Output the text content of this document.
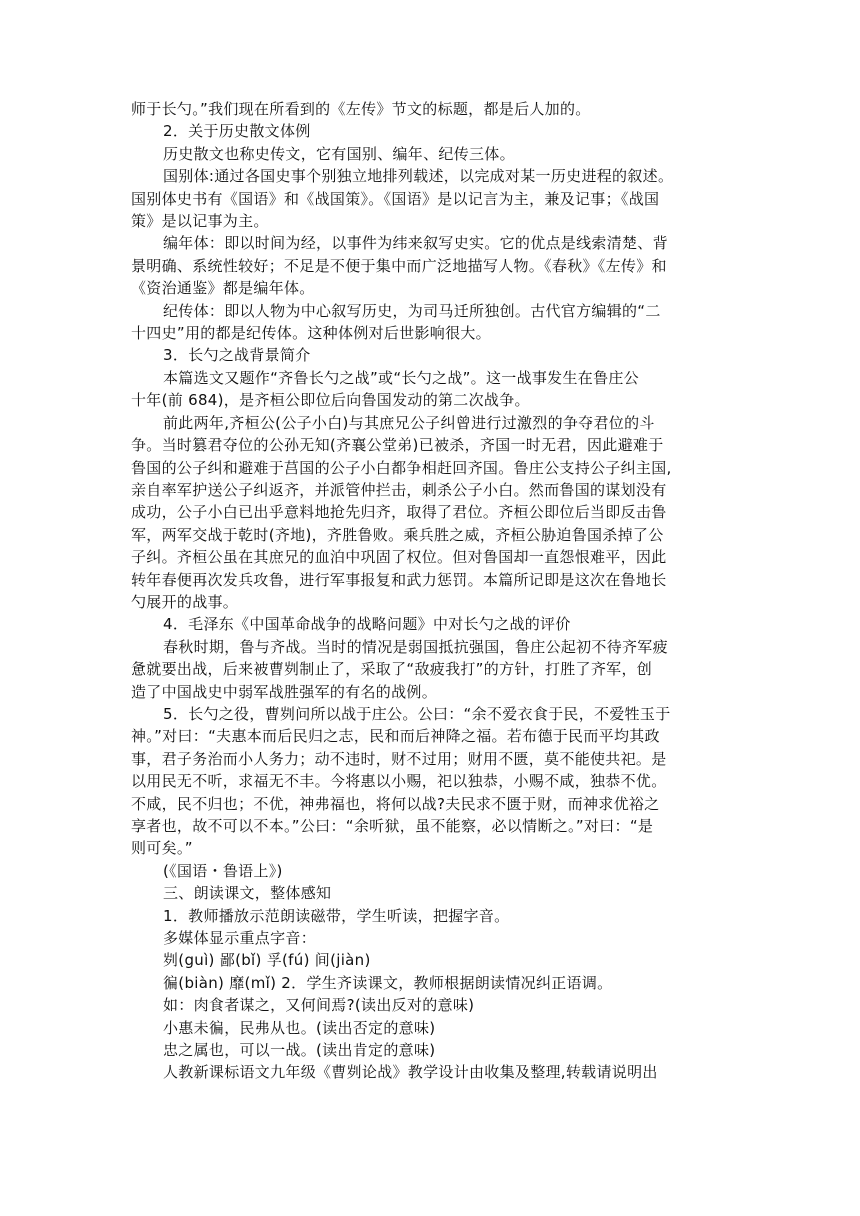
师于长勺。”我们现在所看到的《左传》节文的标题，都是后人加的。

2．关于历史散文体例

历史散文也称史传文，它有国别、编年、纪传三体。

国别体:通过各国史事个别独立地排列载述，以完成对某一历史进程的叙述。

国别体史书有《国语》和《战国策》。《国语》是以记言为主，兼及记事；《战国

策》是以记事为主。

编年体：即以时间为经，以事件为纬来叙写史实。它的优点是线索清楚、背

景明确、系统性较好；不足是不便于集中而广泛地描写人物。《春秋》《左传》和

《资治通鉴》都是编年体。

纪传体：即以人物为中心叙写历史，为司马迁所独创。古代官方编辑的“二

十四史”用的都是纪传体。这种体例对后世影响很大。

3．长勺之战背景简介

本篇选文又题作“齐鲁长勺之战”或“长勺之战”。这一战事发生在鲁庄公

十年(前 684)，是齐桓公即位后向鲁国发动的第二次战争。

前此两年,齐桓公(公子小白)与其庶兄公子纠曾进行过激烈的争夺君位的斗

争。当时篡君夺位的公孙无知(齐襄公堂弟)已被杀，齐国一时无君，因此避难于

鲁国的公子纠和避难于莒国的公子小白都争相赶回齐国。鲁庄公支持公子纠主国,

亲自率军护送公子纠返齐，并派管仲拦击，刺杀公子小白。然而鲁国的谋划没有

成功，公子小白已出乎意料地抢先归齐，取得了君位。齐桓公即位后当即反击鲁

军，两军交战于乾时(齐地)，齐胜鲁败。乘兵胜之威，齐桓公胁迫鲁国杀掉了公

子纠。齐桓公虽在其庶兄的血泊中巩固了权位。但对鲁国却一直怨恨难平，因此

转年春便再次发兵攻鲁，进行军事报复和武力惩罚。本篇所记即是这次在鲁地长

勺展开的战事。

4．毛泽东《中国革命战争的战略问题》中对长勺之战的评价

春秋时期，鲁与齐战。当时的情况是弱国抵抗强国，鲁庄公起初不待齐军疲

惫就要出战，后来被曹刿制止了，采取了“敌疲我打”的方针，打胜了齐军，创

造了中国战史中弱军战胜强军的有名的战例。

5．长勺之役，曹刿问所以战于庄公。公曰：“余不爱衣食于民，不爱牲玉于

神。”对曰：“夫惠本而后民归之志，民和而后神降之福。若布德于民而平均其政

事，君子务治而小人务力；动不违时，财不过用；财用不匮，莫不能使共祀。是

以用民无不听，求福无不丰。今将惠以小赐，祀以独恭，小赐不咸，独恭不优。

不咸，民不归也；不优，神弗福也，将何以战?夫民求不匮于财，而神求优裕之

享者也，故不可以不本。”公曰：“余听狱，虽不能察，必以情断之。”对曰：“是

则可矣。”

(《国语・鲁语上》)

三、朗读课文，整体感知

1．教师播放示范朗读磁带，学生听读，把握字音。

多媒体显示重点字音：

刿(guì) 鄙(bǐ) 孚(fú) 间(jiàn)

徧(biàn) 靡(mǐ) 2．学生齐读课文，教师根据朗读情况纠正语调。

如：肉食者谋之，又何间焉?(读出反对的意味)

小惠未徧，民弗从也。(读出否定的意味)

忠之属也，可以一战。(读出肯定的意味)

人教新课标语文九年级《曹刿论战》教学设计由收集及整理,转载请说明出
